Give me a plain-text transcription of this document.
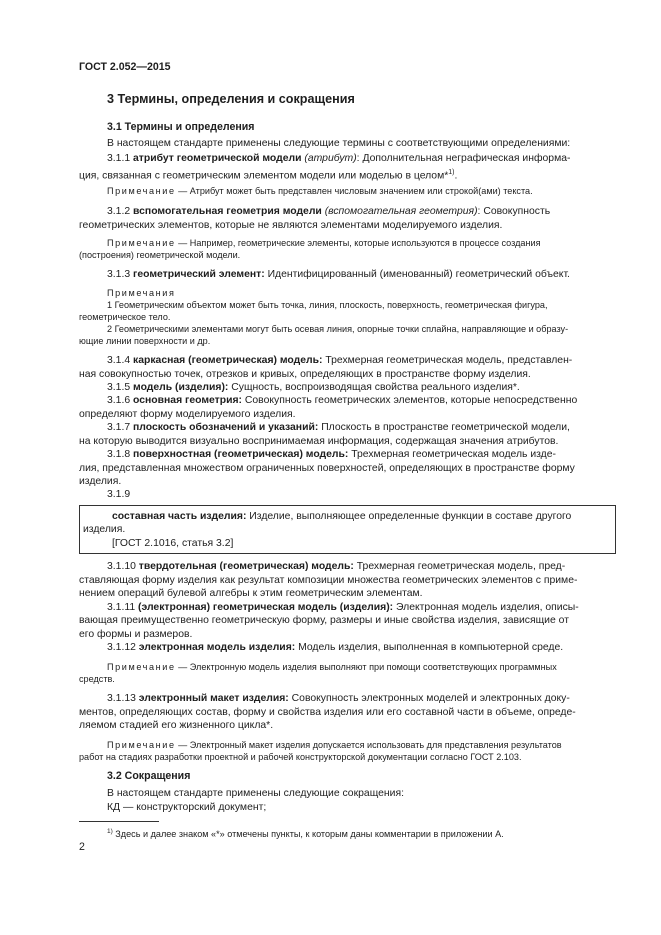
ГОСТ 2.052—2015
3 Термины, определения и сокращения
3.1 Термины и определения
В настоящем стандарте применены следующие термины с соответствующими определениями:
3.1.1 атрибут геометрической модели (атрибут): Дополнительная неграфическая информа-
ция, связанная с геометрическим элементом модели или моделью в целом*$^{1)}$.
Примечание — Атрибут может быть представлен числовым значением или строкой(ами) текста.
3.1.2 вспомогательная геометрия модели (вспомогательная геометрия): Совокупность
геометрических элементов, которые не являются элементами моделируемого изделия.
Примечание — Например, геометрические элементы, которые используются в процессе создания
(построения) геометрической модели.
3.1.3 геометрический элемент: Идентифицированный (именованный) геометрический объект.
Примечания
1 Геометрическим объектом может быть точка, линия, плоскость, поверхность, геометрическая фигура,
геометрическое тело.
2 Геометрическими элементами могут быть осевая линия, опорные точки сплайна, направляющие и образу-
ющие линии поверхности и др.
3.1.4 каркасная (геометрическая) модель: Трехмерная геометрическая модель, представлен-
ная совокупностью точек, отрезков и кривых, определяющих в пространстве форму изделия.
3.1.5 модель (изделия): Сущность, воспроизводящая свойства реального изделия*.
3.1.6 основная геометрия: Совокупность геометрических элементов, которые непосредственно
определяют форму моделируемого изделия.
3.1.7 плоскость обозначений и указаний: Плоскость в пространстве геометрической модели,
на которую выводится визуально воспринимаемая информация, содержащая значения атрибутов.
3.1.8 поверхностная (геометрическая) модель: Трехмерная геометрическая модель изде-
лия, представленная множеством ограниченных поверхностей, определяющих в пространстве форму
изделия.
3.1.9
составная часть изделия: Изделие, выполняющее определенные функции в составе другого
изделия.
[ГОСТ 2.1016, статья 3.2]
3.1.10 твердотельная (геометрическая) модель: Трехмерная геометрическая модель, пред-
ставляющая форму изделия как результат композиции множества геометрических элементов с приме-
нением операций булевой алгебры к этим геометрическим элементам.
3.1.11 (электронная) геометрическая модель (изделия): Электронная модель изделия, описы-
вающая преимущественно геометрическую форму, размеры и иные свойства изделия, зависящие от
его формы и размеров.
3.1.12 электронная модель изделия: Модель изделия, выполненная в компьютерной среде.
Примечание — Электронную модель изделия выполняют при помощи соответствующих программных
средств.
3.1.13 электронный макет изделия: Совокупность электронных моделей и электронных доку-
ментов, определяющих состав, форму и свойства изделия или его составной части в объеме, опреде-
ляемом стадией его жизненного цикла*.
Примечание — Электронный макет изделия допускается использовать для представления результатов
работ на стадиях разработки проектной и рабочей конструкторской документации согласно ГОСТ 2.103.
3.2 Сокращения
В настоящем стандарте применены следующие сокращения:
КД — конструкторский документ;
$^{1)}$ Здесь и далее знаком «*» отмечены пункты, к которым даны комментарии в приложении А.
2
